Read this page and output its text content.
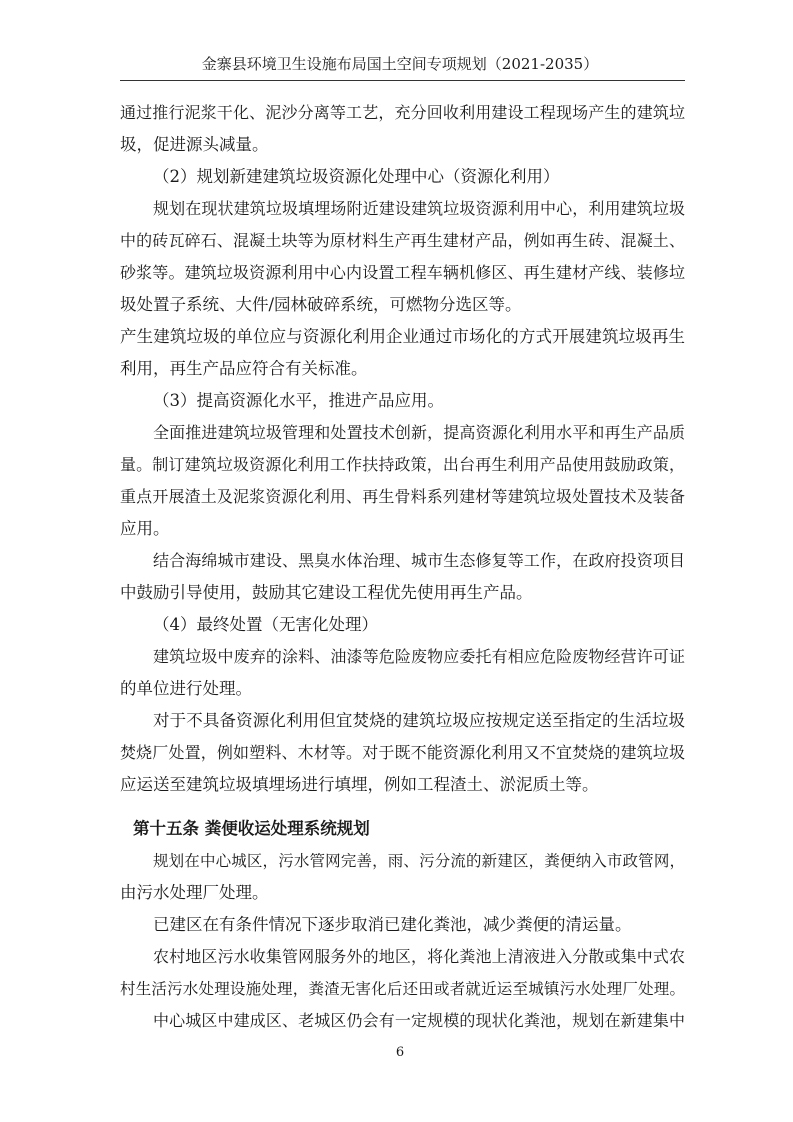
金寨县环境卫生设施布局国土空间专项规划（2021-2035）
通过推行泥浆干化、泥沙分离等工艺，充分回收利用建设工程现场产生的建筑垃
圾，促进源头减量。
（2）规划新建建筑垃圾资源化处理中心（资源化利用）
规划在现状建筑垃圾填埋场附近建设建筑垃圾资源利用中心，利用建筑垃圾
中的砖瓦碎石、混凝土块等为原材料生产再生建材产品，例如再生砖、混凝土、
砂浆等。建筑垃圾资源利用中心内设置工程车辆机修区、再生建材产线、装修垃
圾处置子系统、大件/园林破碎系统，可燃物分选区等。
产生建筑垃圾的单位应与资源化利用企业通过市场化的方式开展建筑垃圾再生
利用，再生产品应符合有关标准。
（3）提高资源化水平，推进产品应用。
全面推进建筑垃圾管理和处置技术创新，提高资源化利用水平和再生产品质
量。制订建筑垃圾资源化利用工作扶持政策，出台再生利用产品使用鼓励政策，
重点开展渣土及泥浆资源化利用、再生骨料系列建材等建筑垃圾处置技术及装备
应用。
结合海绵城市建设、黑臭水体治理、城市生态修复等工作，在政府投资项目
中鼓励引导使用，鼓励其它建设工程优先使用再生产品。
（4）最终处置（无害化处理）
建筑垃圾中废弃的涂料、油漆等危险废物应委托有相应危险废物经营许可证
的单位进行处理。
对于不具备资源化利用但宜焚烧的建筑垃圾应按规定送至指定的生活垃圾
焚烧厂处置，例如塑料、木材等。对于既不能资源化利用又不宜焚烧的建筑垃圾
应运送至建筑垃圾填埋场进行填埋，例如工程渣土、淤泥质土等。
第十五条 粪便收运处理系统规划
规划在中心城区，污水管网完善，雨、污分流的新建区，粪便纳入市政管网，
由污水处理厂处理。
已建区在有条件情况下逐步取消已建化粪池，减少粪便的清运量。
农村地区污水收集管网服务外的地区，将化粪池上清液进入分散或集中式农
村生活污水处理设施处理，粪渣无害化后还田或者就近运至城镇污水处理厂处理。
中心城区中建成区、老城区仍会有一定规模的现状化粪池，规划在新建集中
6
